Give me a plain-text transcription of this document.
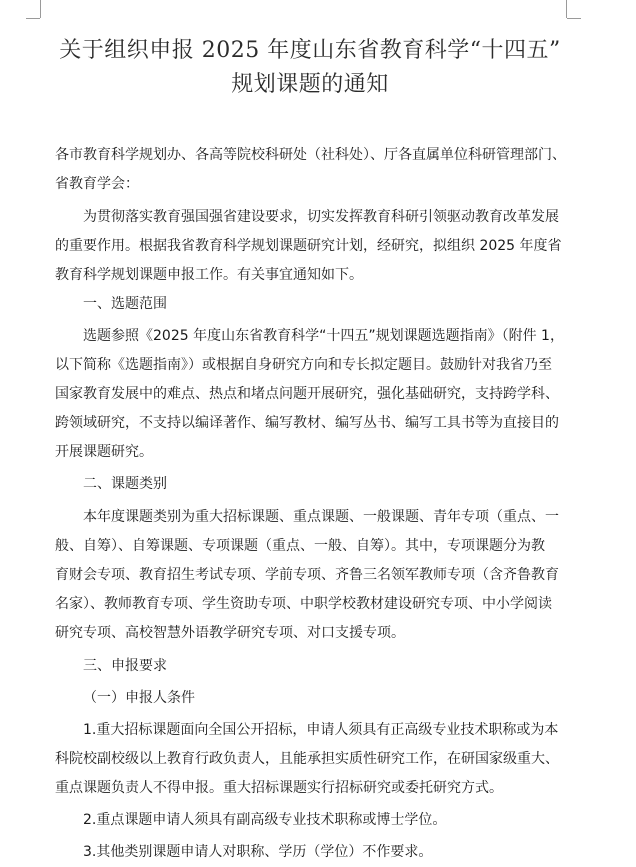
关于组织申报 2025 年度山东省教育科学“十四五”
规划课题的通知
各市教育科学规划办、各高等院校科研处（社科处）、厅各直属单位科研管理部门、
省教育学会：
为贯彻落实教育强国强省建设要求，切实发挥教育科研引领驱动教育改革发展
的重要作用。根据我省教育科学规划课题研究计划，经研究，拟组织 2025 年度省
教育科学规划课题申报工作。有关事宜通知如下。
一、选题范围
选题参照《2025 年度山东省教育科学“十四五”规划课题选题指南》（附件 1，
以下简称《选题指南》）或根据自身研究方向和专长拟定题目。鼓励针对我省乃至
国家教育发展中的难点、热点和堵点问题开展研究，强化基础研究，支持跨学科、
跨领域研究，不支持以编译著作、编写教材、编写丛书、编写工具书等为直接目的
开展课题研究。
二、课题类别
本年度课题类别为重大招标课题、重点课题、一般课题、青年专项（重点、一
般、自筹）、自筹课题、专项课题（重点、一般、自筹）。其中，专项课题分为教
育财会专项、教育招生考试专项、学前专项、齐鲁三名领军教师专项（含齐鲁教育
名家）、教师教育专项、学生资助专项、中职学校教材建设研究专项、中小学阅读
研究专项、高校智慧外语教学研究专项、对口支援专项。
三、申报要求
（一）申报人条件
1.重大招标课题面向全国公开招标，申请人须具有正高级专业技术职称或为本
科院校副校级以上教育行政负责人，且能承担实质性研究工作，在研国家级重大、
重点课题负责人不得申报。重大招标课题实行招标研究或委托研究方式。
2.重点课题申请人须具有副高级专业技术职称或博士学位。
3.其他类别课题申请人对职称、学历（学位）不作要求。
